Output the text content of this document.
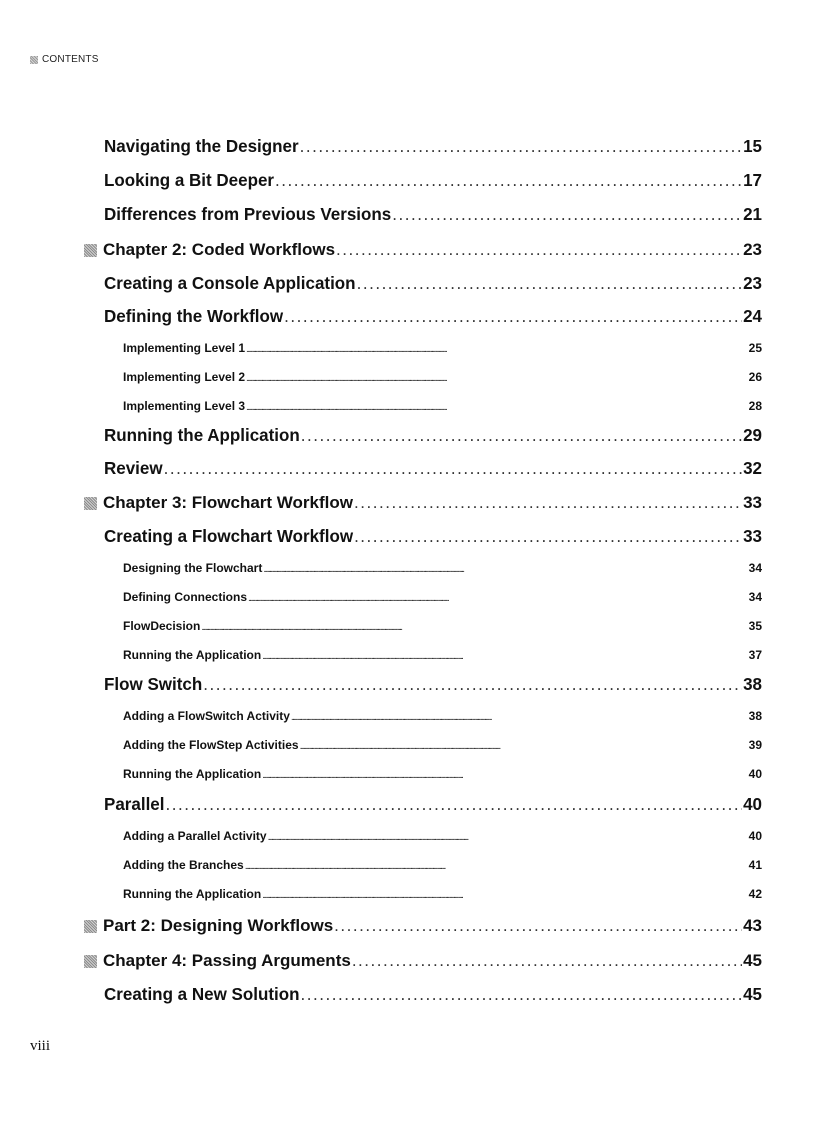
CONTENTS
Navigating the Designer . . .	15
Looking a Bit Deeper . . .	17
Differences from Previous Versions . . .	21
Chapter 2: Coded Workflows . . .	23
Creating a Console Application . . .	23
Defining the Workflow . . .	24
Implementing Level 1 . . .	25
Implementing Level 2 . . .	26
Implementing Level 3 . . .	28
Running the Application . . .	29
Review . . .	32
Chapter 3: Flowchart Workflow . . .	33
Creating a Flowchart Workflow . . .	33
Designing the Flowchart . . .	34
Defining Connections . . .	34
FlowDecision . . .	35
Running the Application . . .	37
Flow Switch . . .	38
Adding a FlowSwitch Activity . . .	38
Adding the FlowStep Activities . . .	39
Running the Application . . .	40
Parallel . . .	40
Adding a Parallel Activity . . .	40
Adding the Branches . . .	41
Running the Application . . .	42
Part 2: Designing Workflows . . .	43
Chapter 4: Passing Arguments . . .	45
Creating a New Solution . . .	45
viii
